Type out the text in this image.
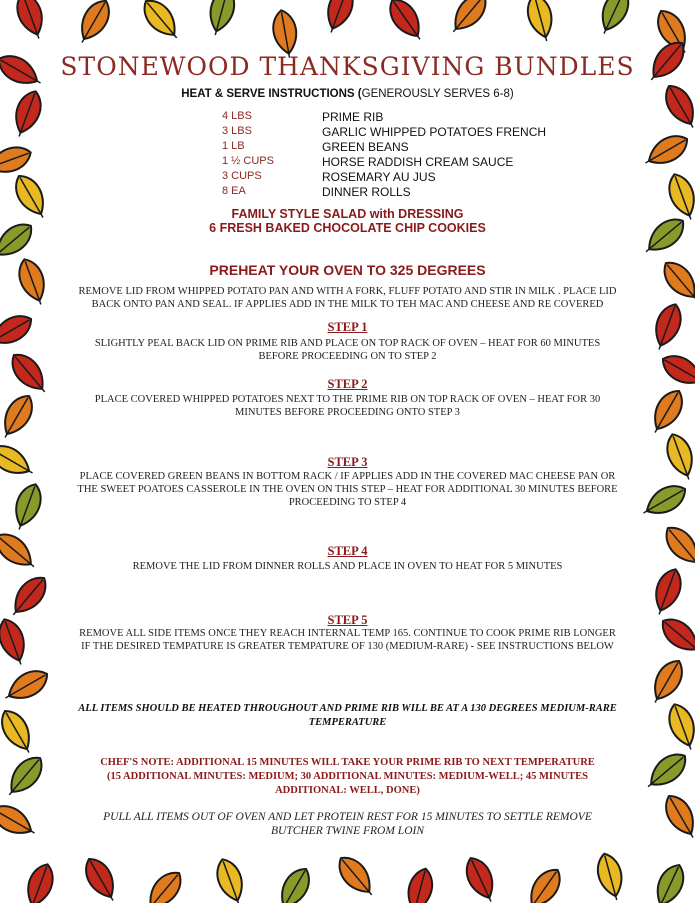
STONEWOOD THANKSGIVING BUNDLES
HEAT & SERVE INSTRUCTIONS (GENEROUSLY SERVES 6-8)
4 LBS	PRIME RIB
3 LBS	GARLIC WHIPPED POTATOES FRENCH
1 LB	GREEN BEANS
1 ½ CUPS	HORSE RADDISH CREAM SAUCE
3 CUPS	ROSEMARY AU JUS
8 EA	DINNER ROLLS
FAMILY STYLE SALAD with DRESSING
6 FRESH BAKED CHOCOLATE CHIP COOKIES
PREHEAT YOUR OVEN TO 325 DEGREES
REMOVE LID FROM WHIPPED POTATO PAN AND WITH A FORK, FLUFF POTATO AND STIR IN MILK . PLACE LID BACK ONTO PAN AND SEAL. IF APPLIES ADD IN THE MILK TO TEH MAC AND CHEESE AND RE COVERED
STEP 1
SLIGHTLY PEAL BACK LID ON PRIME RIB AND PLACE ON TOP RACK OF OVEN – HEAT FOR 60 MINUTES BEFORE PROCEEDING ON TO STEP 2
STEP 2
PLACE COVERED WHIPPED POTATOES NEXT TO THE PRIME RIB ON TOP RACK OF OVEN – HEAT FOR 30 MINUTES BEFORE PROCEEDING ONTO STEP 3
STEP 3
PLACE COVERED GREEN BEANS IN BOTTOM RACK / IF APPLIES ADD IN THE COVERED MAC CHEESE PAN OR THE SWEET POATOES CASSEROLE IN THE OVEN ON THIS STEP – HEAT FOR ADDITIONAL 30 MINUTES BEFORE PROCEEDING TO STEP 4
STEP 4
REMOVE THE LID FROM DINNER ROLLS AND PLACE IN OVEN TO HEAT FOR 5 MINUTES
STEP 5
REMOVE ALL SIDE ITEMS ONCE THEY REACH INTERNAL TEMP 165. CONTINUE TO COOK PRIME RIB LONGER IF THE DESIRED TEMPATURE IS GREATER TEMPATURE OF 130 (MEDIUM-RARE) - SEE INSTRUCTIONS BELOW
ALL ITEMS SHOULD BE HEATED THROUGHOUT AND PRIME RIB WILL BE AT A 130 DEGREES MEDIUM-RARE TEMPERATURE
CHEF'S NOTE: ADDITIONAL 15 MINUTES WILL TAKE YOUR PRIME RIB TO NEXT TEMPERATURE (15 ADDITIONAL MINUTES: MEDIUM; 30 ADDITIONAL MINUTES: MEDIUM-WELL; 45 MINUTES ADDITIONAL: WELL, DONE)
PULL ALL ITEMS OUT OF OVEN AND LET PROTEIN REST FOR 15 MINUTES TO SETTLE REMOVE BUTCHER TWINE FROM LOIN
